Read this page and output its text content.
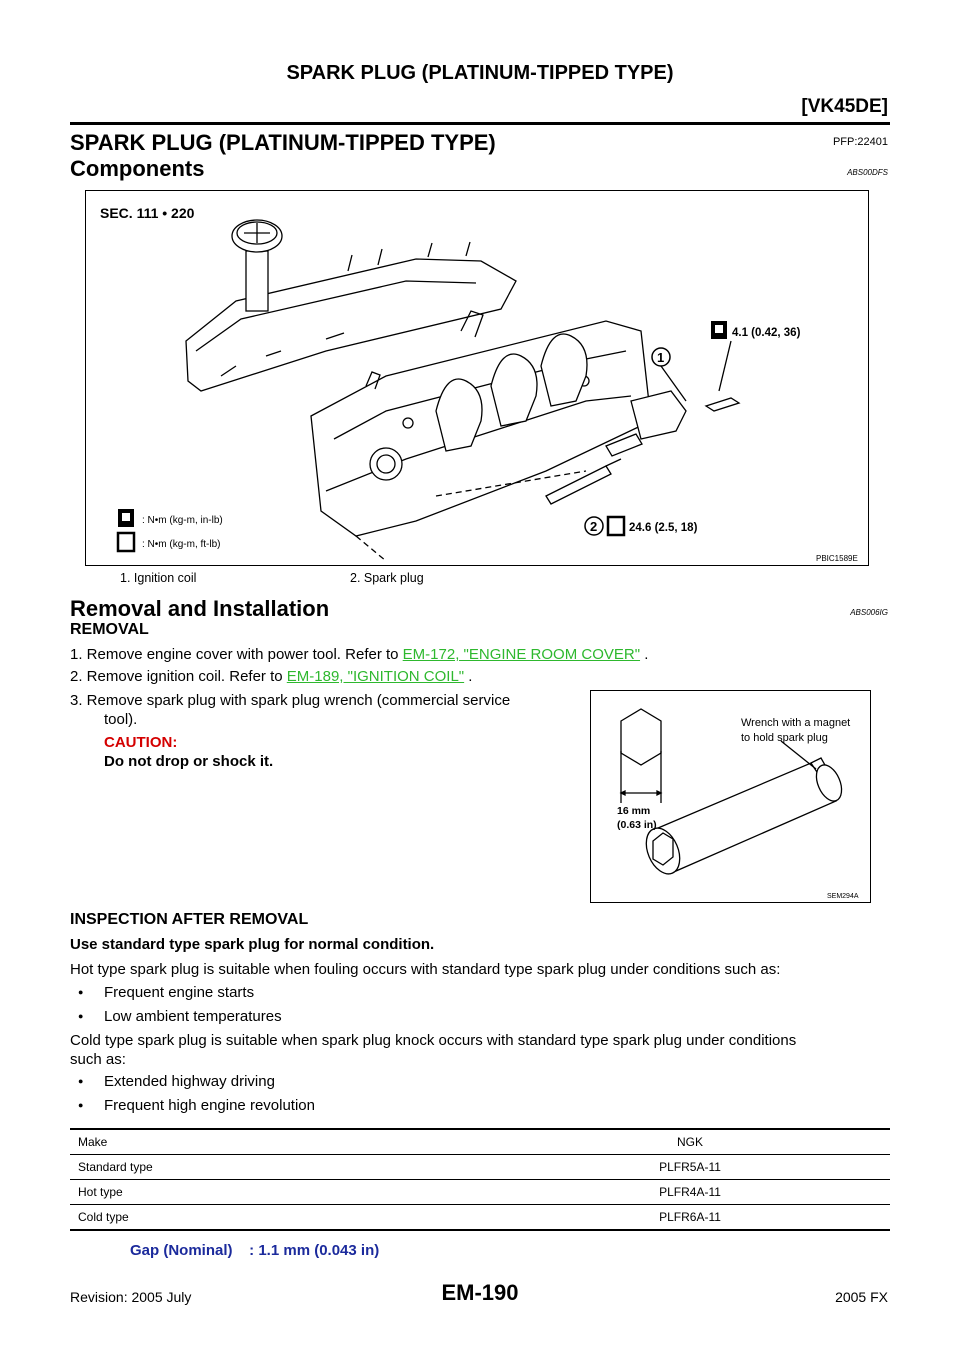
SPARK PLUG (PLATINUM-TIPPED TYPE)
[VK45DE]
SPARK PLUG (PLATINUM-TIPPED TYPE)	PFP:22401
Components	ABS00DFS
SEC. 111 • 220
1
2
4.1 (0.42, 36)
24.6 (2.5, 18)
: N•m (kg-m, in-lb)
: N•m (kg-m, ft-lb)
PBIC1589E
1. Ignition coil	2. Spark plug
Removal and Installation	ABS006IG
REMOVAL
1. Remove engine cover with power tool. Refer to EM-172, "ENGINE ROOM COVER" .
2. Remove ignition coil. Refer to EM-189, "IGNITION COIL" .
3. Remove spark plug with spark plug wrench (commercial service
tool).
CAUTION:
Do not drop or shock it.
Wrench with a magnet
to hold spark plug
16 mm
(0.63 in)
SEM294A
INSPECTION AFTER REMOVAL
Use standard type spark plug for normal condition.
Hot type spark plug is suitable when fouling occurs with standard type spark plug under conditions such as:
● Frequent engine starts
● Low ambient temperatures
Cold type spark plug is suitable when spark plug knock occurs with standard type spark plug under conditions
such as:
● Extended highway driving
● Frequent high engine revolution
Make	NGK
Standard type	PLFR5A-11
Hot type	PLFR4A-11
Cold type	PLFR6A-11
Gap (Nominal)    : 1.1 mm (0.043 in)
EM-190
Revision: 2005 July	2005 FX
